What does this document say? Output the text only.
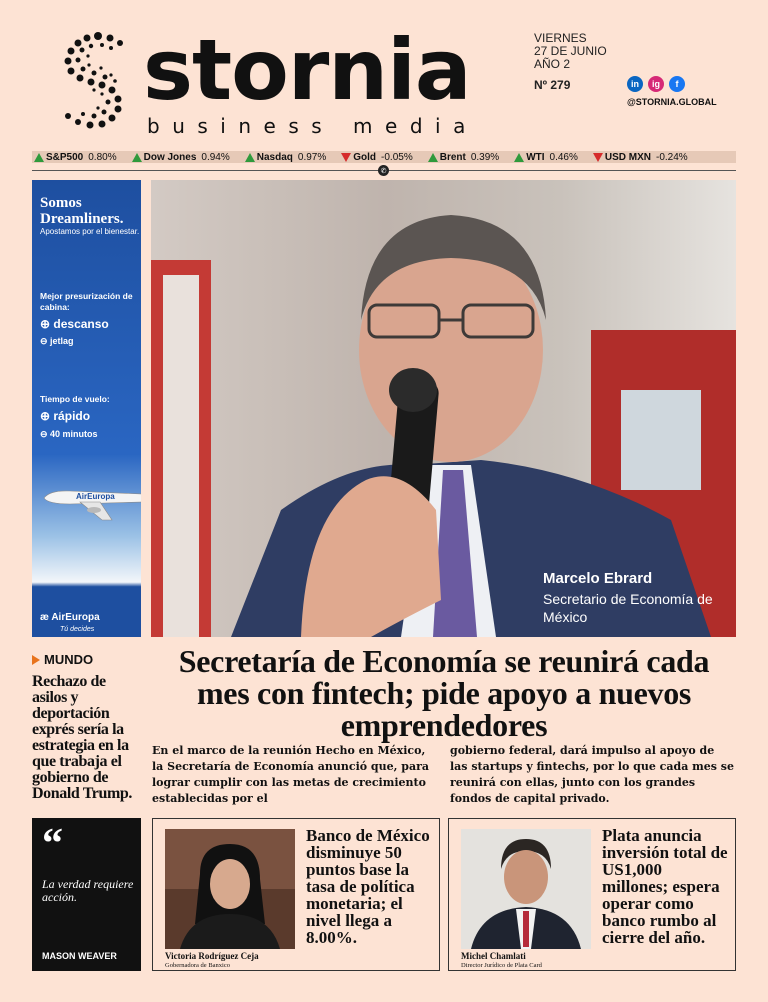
stornia
business media
VIERNES
27 DE JUNIO
AÑO 2
Nº 279	in	ig	f
@STORNIA.GLOBAL
S&P500 0.80%	Dow Jones 0.94%	Nasdaq 0.97%	Gold -0.05%	Brent 0.39%	WTI 0.46%	USD MXN -0.24%
✆
Somos
Dreamliners.
Apostamos por el bienestar.
Mejor presurización de cabina:
⊕ descanso
⊖ jetlag
Tiempo de vuelo:
⊕ rápido
⊖ 40 minutos
AirEuropa
æ AirEuropa
Tú decides
Marcelo Ebrard
Secretario de Economía de México
MUNDO
Rechazo de asilos y deportación exprés sería la estrategia en la que trabaja el gobierno de Donald Trump.
Secretaría de Economía se reunirá cada mes con fintech; pide apoyo a nuevos emprendedores
En el marco de la reunión Hecho en México, la Secretaría de Economía anunció que, para lograr cumplir con las metas de crecimiento establecidas por el
gobierno federal, dará impulso al apoyo de las startups y fintechs, por lo que cada mes se reunirá con ellas, junto con los grandes fondos de capital privado.
“
La verdad requiere acción.
MASON WEAVER	Victoria Rodríguez Ceja
Gobernadora de Banxico
Banco de México disminuye 50 puntos base la tasa de política monetaria; el nivel llega a 8.00%.
Michel Chamlati
Director Jurídico de Plata Card
Plata anuncia inversión total de US1,000 millones; espera operar como banco rumbo al cierre del año.
